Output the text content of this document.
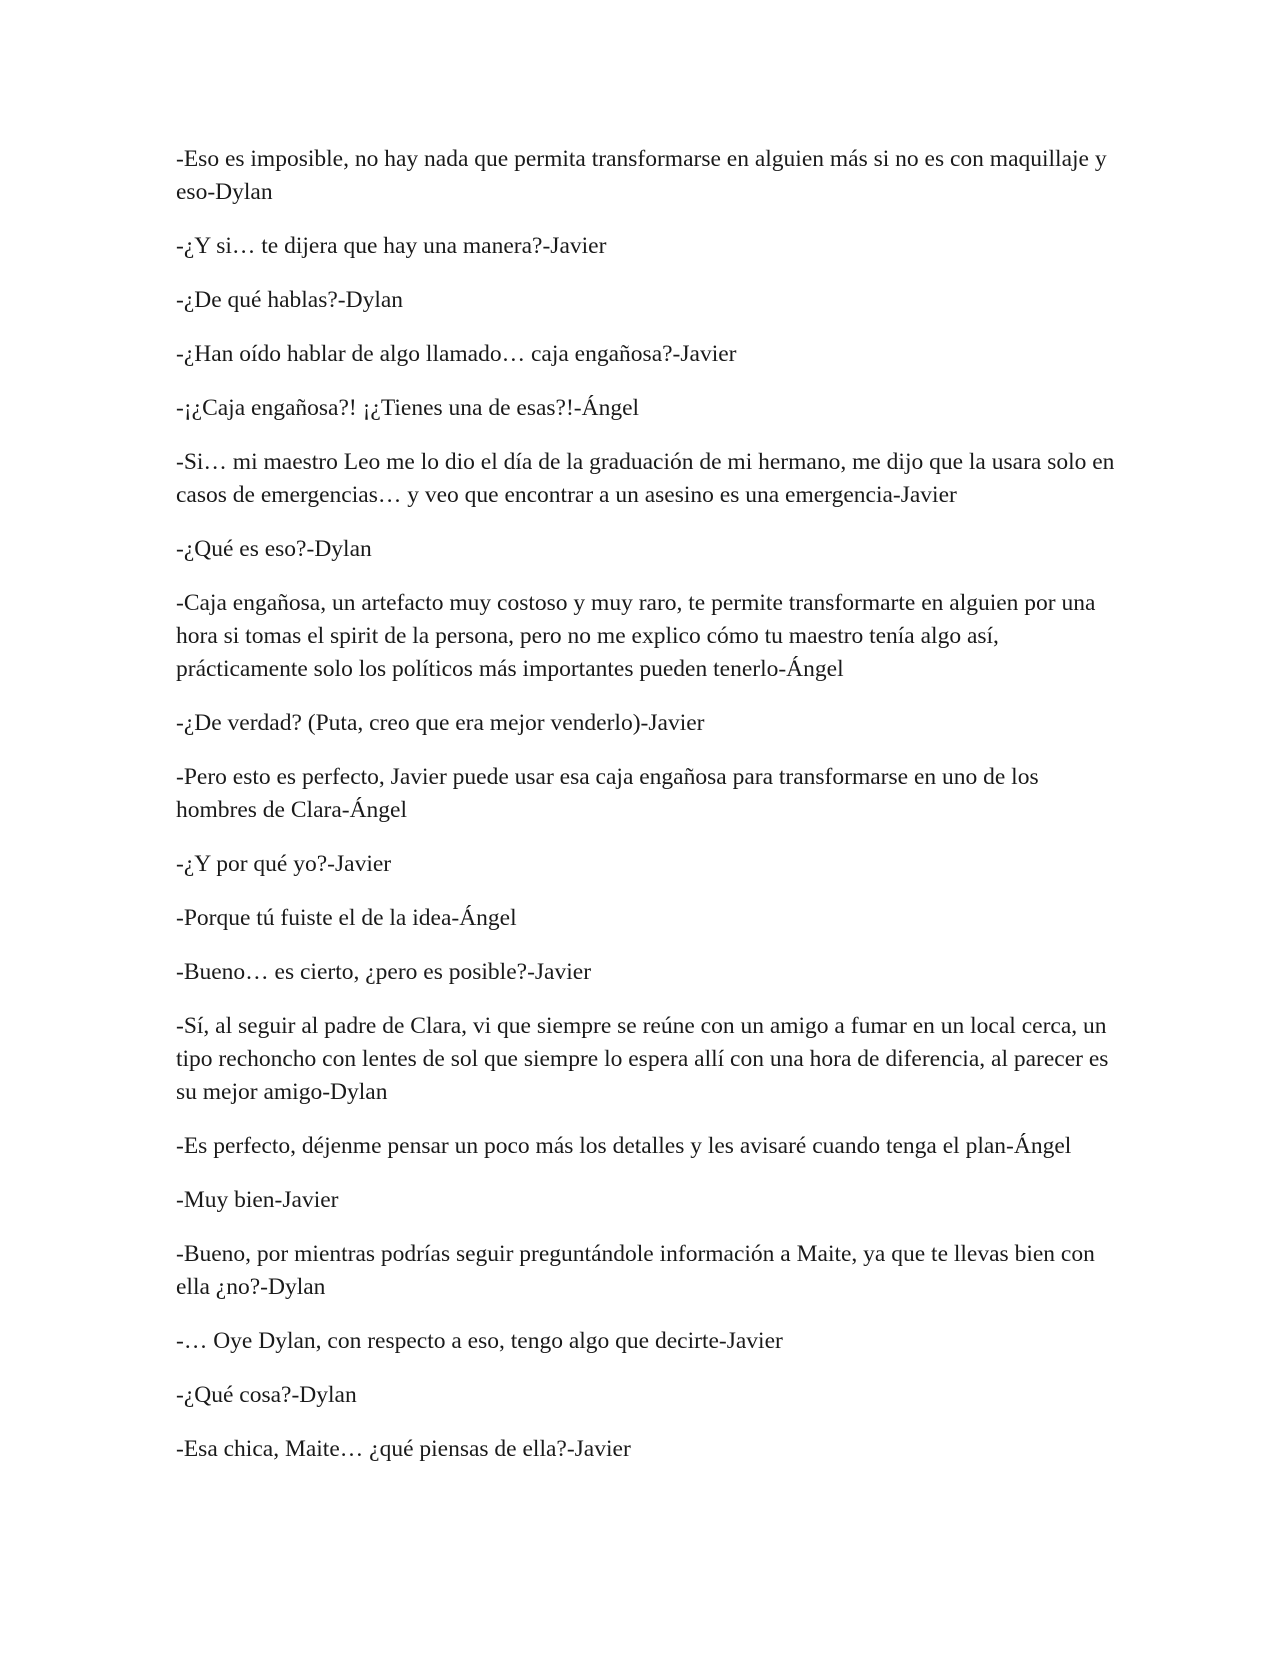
-Eso es imposible, no hay nada que permita transformarse en alguien más si no es con maquillaje y eso-Dylan

-¿Y si… te dijera que hay una manera?-Javier

-¿De qué hablas?-Dylan

-¿Han oído hablar de algo llamado… caja engañosa?-Javier

-¡¿Caja engañosa?! ¡¿Tienes una de esas?!-Ángel

-Si… mi maestro Leo me lo dio el día de la graduación de mi hermano, me dijo que la usara solo en casos de emergencias… y veo que encontrar a un asesino es una emergencia-Javier

-¿Qué es eso?-Dylan

-Caja engañosa, un artefacto muy costoso y muy raro, te permite transformarte en alguien por una hora si tomas el spirit de la persona, pero no me explico cómo tu maestro tenía algo así, prácticamente solo los políticos más importantes pueden tenerlo-Ángel

-¿De verdad? (Puta, creo que era mejor venderlo)-Javier

-Pero esto es perfecto, Javier puede usar esa caja engañosa para transformarse en uno de los hombres de Clara-Ángel

-¿Y por qué yo?-Javier

-Porque tú fuiste el de la idea-Ángel

-Bueno… es cierto, ¿pero es posible?-Javier

-Sí, al seguir al padre de Clara, vi que siempre se reúne con un amigo a fumar en un local cerca, un tipo rechoncho con lentes de sol que siempre lo espera allí con una hora de diferencia, al parecer es su mejor amigo-Dylan

-Es perfecto, déjenme pensar un poco más los detalles y les avisaré cuando tenga el plan-Ángel

-Muy bien-Javier

-Bueno, por mientras podrías seguir preguntándole información a Maite, ya que te llevas bien con ella ¿no?-Dylan

-… Oye Dylan, con respecto a eso, tengo algo que decirte-Javier

-¿Qué cosa?-Dylan

-Esa chica, Maite… ¿qué piensas de ella?-Javier
